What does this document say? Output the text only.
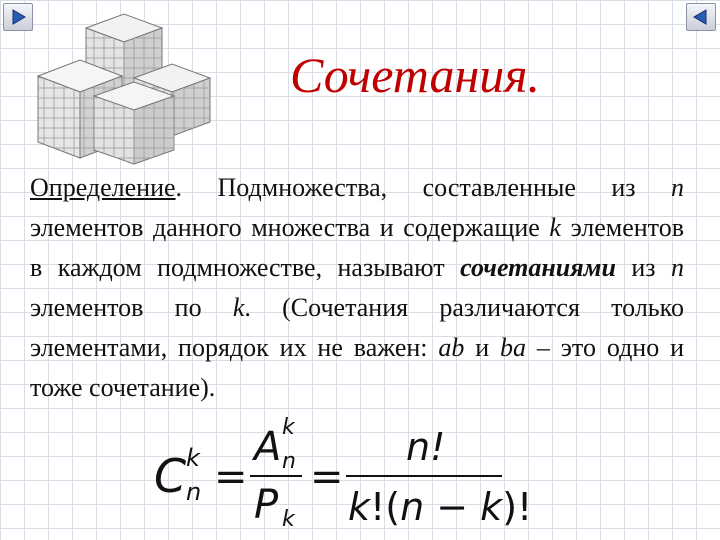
Сочетания.
Определение. Подмножества, составленные из n элементов данного множества и содержащие k элементов в каждом подмножестве, называют сочетаниями из n элементов по k. (Сочетания различаются только элементами, порядок их не важен: ab и ba – это одно и тоже сочетание).
C k
n =
A k
n
P k
=
n!
k!(n − k)!
